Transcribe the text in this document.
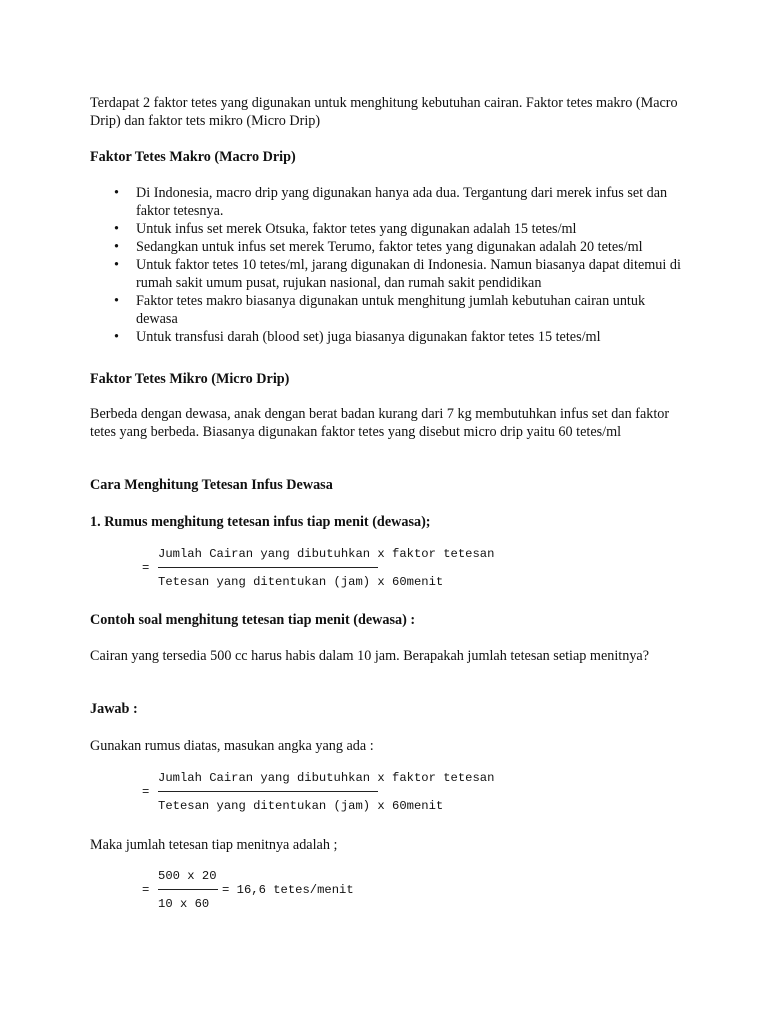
Terdapat 2 faktor tetes yang digunakan untuk menghitung kebutuhan cairan. Faktor tetes makro (Macro Drip) dan faktor tets mikro (Micro Drip)

Faktor Tetes Makro (Macro Drip)

• Di Indonesia, macro drip yang digunakan hanya ada dua. Tergantung dari merek infus set dan faktor tetesnya.
• Untuk infus set merek Otsuka, faktor tetes yang digunakan adalah 15 tetes/ml
• Sedangkan untuk infus set merek Terumo, faktor tetes yang digunakan adalah 20 tetes/ml
• Untuk faktor tetes 10 tetes/ml, jarang digunakan di Indonesia. Namun biasanya dapat ditemui di rumah sakit umum pusat, rujukan nasional, dan rumah sakit pendidikan
• Faktor tetes makro biasanya digunakan untuk menghitung jumlah kebutuhan cairan untuk dewasa
• Untuk transfusi darah (blood set) juga biasanya digunakan faktor tetes 15 tetes/ml

Faktor Tetes Mikro (Micro Drip)

Berbeda dengan dewasa, anak dengan berat badan kurang dari 7 kg membutuhkan infus set dan faktor tetes yang berbeda. Biasanya digunakan faktor tetes yang disebut micro drip yaitu 60 tetes/ml

Cara Menghitung Tetesan Infus Dewasa

1. Rumus menghitung tetesan infus tiap menit (dewasa);

Jumlah Cairan yang dibutuhkan x faktor tetesan
=
Tetesan yang ditentukan (jam) x 60menit

Contoh soal menghitung tetesan tiap menit (dewasa) :

Cairan yang tersedia 500 cc harus habis dalam 10 jam. Berapakah jumlah tetesan setiap menitnya?

Jawab :

Gunakan rumus diatas, masukan angka yang ada :

Jumlah Cairan yang dibutuhkan x faktor tetesan
=
Tetesan yang ditentukan (jam) x 60menit

Maka jumlah tetesan tiap menitnya adalah ;

500 x 20
=
10 x 60
= 16,6 tetes/menit
